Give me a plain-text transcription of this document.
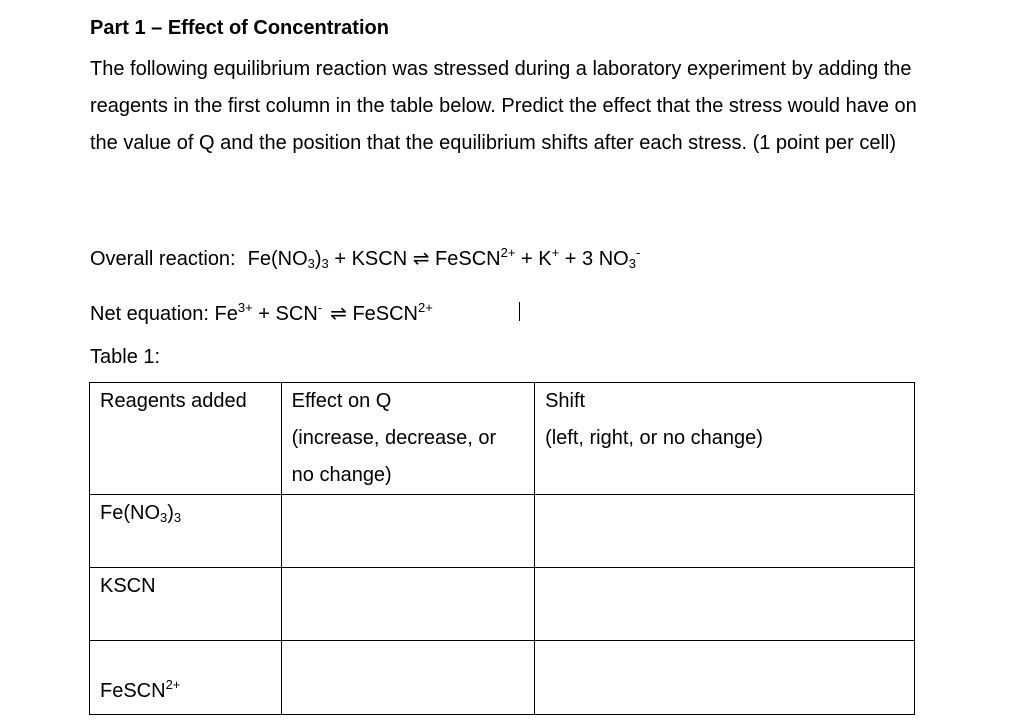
Part 1 – Effect of Concentration

The following equilibrium reaction was stressed during a laboratory experiment by adding the reagents in the first column in the table below. Predict the effect that the stress would have on the value of Q and the position that the equilibrium shifts after each stress. (1 point per cell)

Overall reaction: $Fe(NO_3)_3$ + KSCN ⇌ FeSCN$^{2+}$ + K+ + 3 $NO_3^-$

Net equation: $Fe^{3+} + SCN^-$ ⇌ FeSCN$^{2+}$

Table 1:

Reagents added	Effect on Q
(increase, decrease, or
no change)	Shift
(left, right, or no change)

$Fe(NO_3)_3$

KSCN		

FeSCN$^{2+}$
